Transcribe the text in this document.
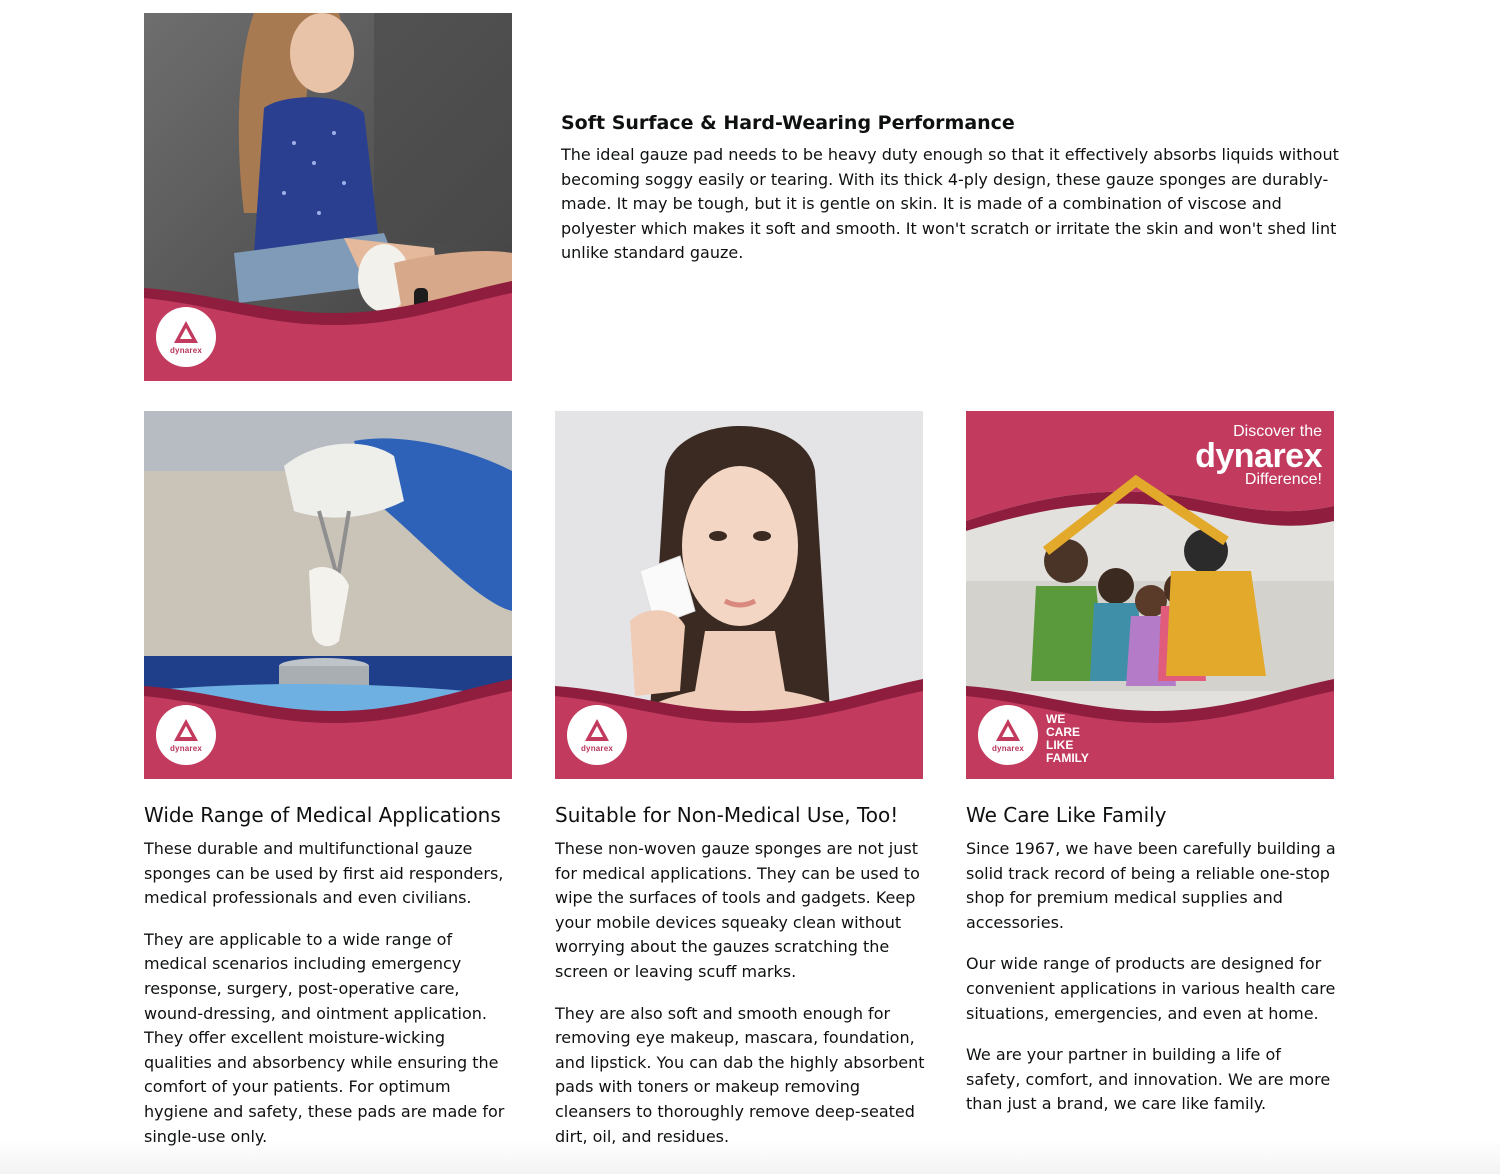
dynarex
Soft Surface & Hard-Wearing Performance

The ideal gauze pad needs to be heavy duty enough so that it effectively absorbs liquids without becoming soggy easily or tearing. With its thick 4-ply design, these gauze sponges are durably-made. It may be tough, but it is gentle on skin. It is made of a combination of viscose and polyester which makes it soft and smooth. It won't scratch or irritate the skin and won't shed lint unlike standard gauze.

dynarex	dynarex
Discover the
dynarex
Difference!
dynarex
WE
CARE
LIKE
FAMILY
Wide Range of Medical Applications

These durable and multifunctional gauze sponges can be used by first aid responders, medical professionals and even civilians.

They are applicable to a wide range of medical scenarios including emergency response, surgery, post-operative care, wound-dressing, and ointment application. They offer excellent moisture-wicking qualities and absorbency while ensuring the comfort of your patients. For optimum hygiene and safety, these pads are made for single-use only.

Suitable for Non-Medical Use, Too!

These non-woven gauze sponges are not just for medical applications. They can be used to wipe the surfaces of tools and gadgets. Keep your mobile devices squeaky clean without worrying about the gauzes scratching the screen or leaving scuff marks.

They are also soft and smooth enough for removing eye makeup, mascara, foundation, and lipstick. You can dab the highly absorbent pads with toners or makeup removing cleansers to thoroughly remove deep-seated dirt, oil, and residues.

We Care Like Family

Since 1967, we have been carefully building a solid track record of being a reliable one-stop shop for premium medical supplies and accessories.

Our wide range of products are designed for convenient applications in various health care situations, emergencies, and even at home.

We are your partner in building a life of safety, comfort, and innovation. We are more than just a brand, we care like family.
